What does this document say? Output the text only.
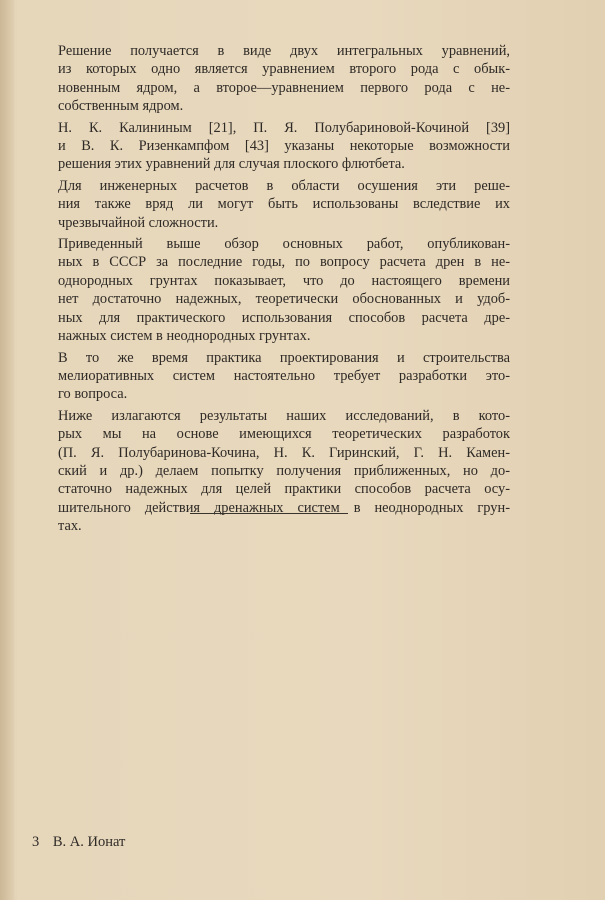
Решение получается в виде двух интегральных уравнений,
из которых одно является уравнением второго рода с обык-
новенным ядром, а второе—уравнением первого рода с не-
собственным ядром.
Н. К. Калининым [21], П. Я. Полубариновой-Кочиной [39]
и В. К. Ризенкампфом [43] указаны некоторые возможности
решения этих уравнений для случая плоского флютбета.
Для инженерных расчетов в области осушения эти реше-
ния также вряд ли могут быть использованы вследствие их
чрезвычайной сложности.
Приведенный выше обзор основных работ, опубликован-
ных в СССР за последние годы, по вопросу расчета дрен в не-
однородных грунтах показывает, что до настоящего времени
нет достаточно надежных, теоретически обоснованных и удоб-
ных для практического использования способов расчета дре-
нажных систем в неоднородных грунтах.
В то же время практика проектирования и строительства
мелиоративных систем настоятельно требует разработки это-
го вопроса.
Ниже излагаются результаты наших исследований, в кото-
рых мы на основе имеющихся теоретических разработок
(П. Я. Полубаринова-Кочина, Н. К. Гиринский, Г. Н. Камен-
ский и др.) делаем попытку получения приближенных, но до-
статочно надежных для целей практики способов расчета осу-
шительного действия дренажных систем в неоднородных грун-
тах.
3 В. А. Ионат
